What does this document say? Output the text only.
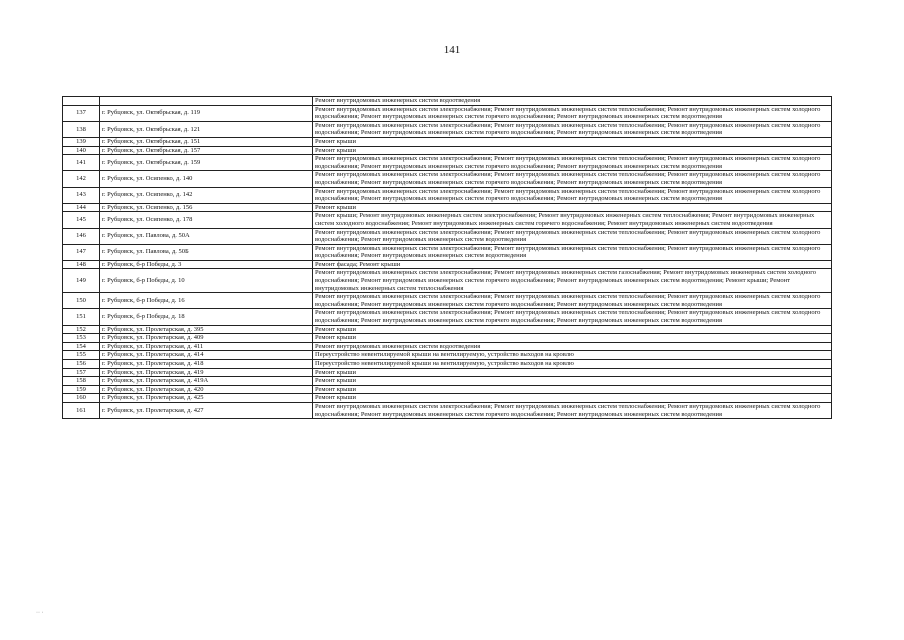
141
		Ремонт внутридомовых инженерных систем водоотведения
137	г. Рубцовск, ул. Октябрьская, д. 119	Ремонт внутридомовых инженерных систем электроснабжения; Ремонт внутридомовых инженерных систем теплоснабжения; Ремонт внутридомовых инженерных систем холодного водоснабжения; Ремонт внутридомовых инженерных систем горячего водоснабжения; Ремонт внутридомовых инженерных систем водоотведения
138	г. Рубцовск, ул. Октябрьская, д. 121	Ремонт внутридомовых инженерных систем электроснабжения; Ремонт внутридомовых инженерных систем теплоснабжения; Ремонт внутридомовых инженерных систем холодного водоснабжения; Ремонт внутридомовых инженерных систем горячего водоснабжения; Ремонт внутридомовых инженерных систем водоотведения
139	г. Рубцовск, ул. Октябрьская, д. 151	Ремонт крыши
140	г. Рубцовск, ул. Октябрьская, д. 157	Ремонт крыши
141	г. Рубцовск, ул. Октябрьская, д. 159	Ремонт внутридомовых инженерных систем электроснабжения; Ремонт внутридомовых инженерных систем теплоснабжения; Ремонт внутридомовых инженерных систем холодного водоснабжения; Ремонт внутридомовых инженерных систем горячего водоснабжения; Ремонт внутридомовых инженерных систем водоотведения
142	г. Рубцовск, ул. Осипенко, д. 140	Ремонт внутридомовых инженерных систем электроснабжения; Ремонт внутридомовых инженерных систем теплоснабжения; Ремонт внутридомовых инженерных систем холодного водоснабжения; Ремонт внутридомовых инженерных систем горячего водоснабжения; Ремонт внутридомовых инженерных систем водоотведения
143	г. Рубцовск, ул. Осипенко, д. 142	Ремонт внутридомовых инженерных систем электроснабжения; Ремонт внутридомовых инженерных систем теплоснабжения; Ремонт внутридомовых инженерных систем холодного водоснабжения; Ремонт внутридомовых инженерных систем горячего водоснабжения; Ремонт внутридомовых инженерных систем водоотведения
144	г. Рубцовск, ул. Осипенко, д. 156	Ремонт крыши
145	г. Рубцовск, ул. Осипенко, д. 178	Ремонт крыши; Ремонт внутридомовых инженерных систем электроснабжения; Ремонт внутридомовых инженерных систем теплоснабжения; Ремонт внутридомовых инженерных систем холодного водоснабжения; Ремонт внутридомовых инженерных систем горячего водоснабжения; Ремонт внутридомовых инженерных систем водоотведения
146	г. Рубцовск, ул. Павлова, д. 50А	Ремонт внутридомовых инженерных систем электроснабжения; Ремонт внутридомовых инженерных систем теплоснабжения; Ремонт внутридомовых инженерных систем холодного водоснабжения; Ремонт внутридомовых инженерных систем водоотведения
147	г. Рубцовск, ул. Павлова, д. 50Б	Ремонт внутридомовых инженерных систем электроснабжения; Ремонт внутридомовых инженерных систем теплоснабжения; Ремонт внутридомовых инженерных систем холодного водоснабжения; Ремонт внутридомовых инженерных систем водоотведения
148	г. Рубцовск, б-р Победы, д. 3	Ремонт фасада; Ремонт крыши
149	г. Рубцовск, б-р Победы, д. 10	Ремонт внутридомовых инженерных систем электроснабжения; Ремонт внутридомовых инженерных систем газоснабжения; Ремонт внутридомовых инженерных систем холодного водоснабжения; Ремонт внутридомовых инженерных систем горячего водоснабжения; Ремонт внутридомовых инженерных систем водоотведения; Ремонт крыши; Ремонт внутридомовых инженерных систем теплоснабжения
150	г. Рубцовск, б-р Победы, д. 16	Ремонт внутридомовых инженерных систем электроснабжения; Ремонт внутридомовых инженерных систем теплоснабжения; Ремонт внутридомовых инженерных систем холодного водоснабжения; Ремонт внутридомовых инженерных систем горячего водоснабжения; Ремонт внутридомовых инженерных систем водоотведения
151	г. Рубцовск, б-р Победы, д. 18	Ремонт внутридомовых инженерных систем электроснабжения; Ремонт внутридомовых инженерных систем теплоснабжения; Ремонт внутридомовых инженерных систем холодного водоснабжения; Ремонт внутридомовых инженерных систем горячего водоснабжения; Ремонт внутридомовых инженерных систем водоотведения
152	г. Рубцовск, ул. Пролетарская, д. 395	Ремонт крыши
153	г. Рубцовск, ул. Пролетарская, д. 409	Ремонт крыши
154	г. Рубцовск, ул. Пролетарская, д. 411	Ремонт внутридомовых инженерных систем водоотведения
155	г. Рубцовск, ул. Пролетарская, д. 414	Переустройство невентилируемой крыши на вентилируемую, устройство выходов на кровлю
156	г. Рубцовск, ул. Пролетарская, д. 418	Переустройство невентилируемой крыши на вентилируемую, устройство выходов на кровлю
157	г. Рубцовск, ул. Пролетарская, д. 419	Ремонт крыши
158	г. Рубцовск, ул. Пролетарская, д. 419А	Ремонт крыши
159	г. Рубцовск, ул. Пролетарская, д. 420	Ремонт крыши
160	г. Рубцовск, ул. Пролетарская, д. 425	Ремонт крыши
161	г. Рубцовск, ул. Пролетарская, д. 427	Ремонт внутридомовых инженерных систем электроснабжения; Ремонт внутридомовых инженерных систем теплоснабжения; Ремонт внутридомовых инженерных систем холодного водоснабжения; Ремонт внутридомовых инженерных систем горячего водоснабжения; Ремонт внутридомовых инженерных систем водоотведения
·· ·
